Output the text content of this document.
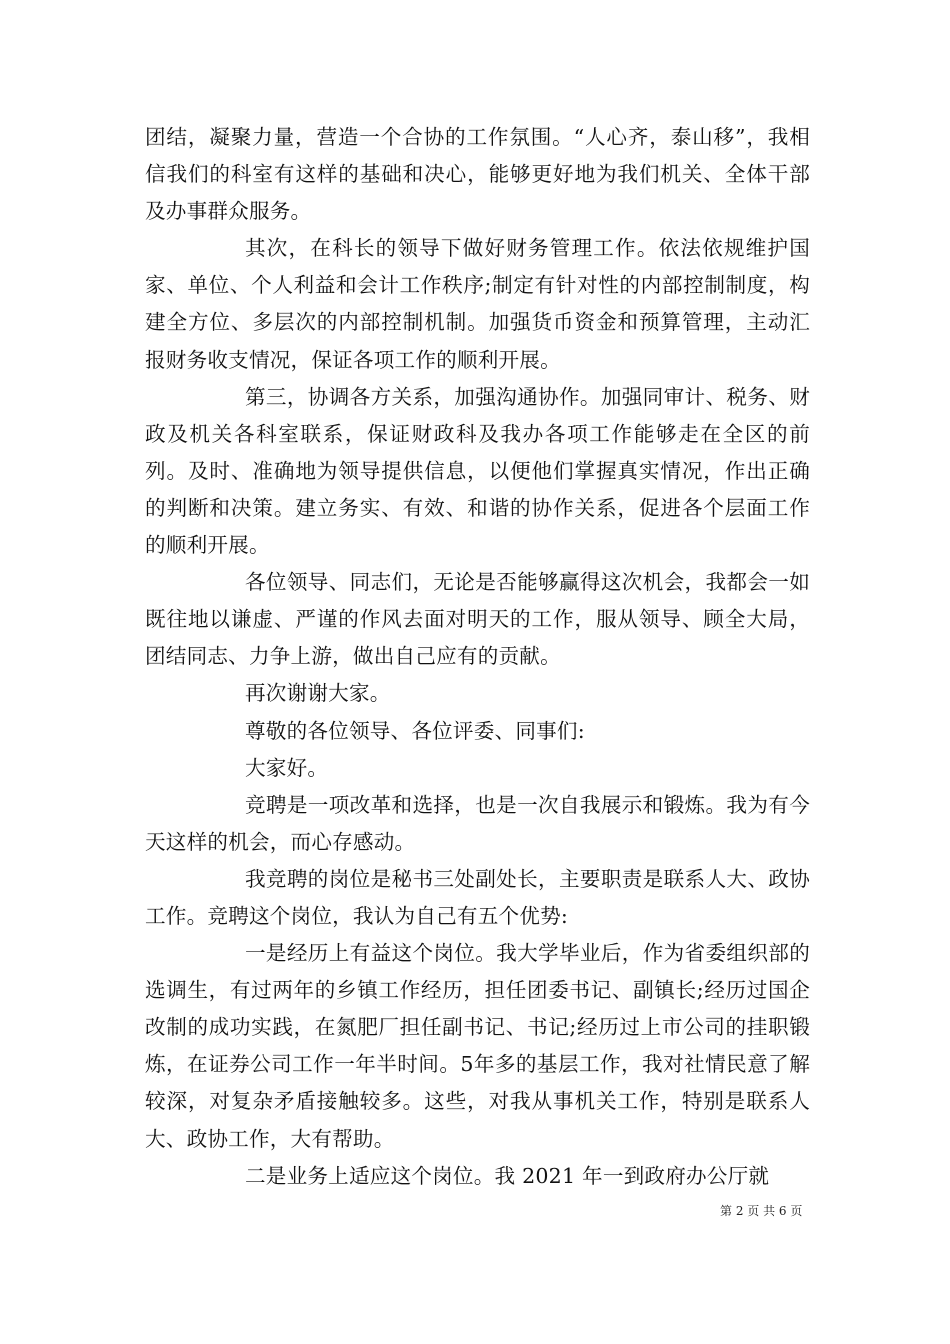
团结，凝聚力量，营造一个合协的工作氛围。“人心齐，泰山移”，我相信我们的科室有这样的基础和决心，能够更好地为我们机关、全体干部及办事群众服务。

其次，在科长的领导下做好财务管理工作。依法依规维护国家、单位、个人利益和会计工作秩序;制定有针对性的内部控制制度，构建全方位、多层次的内部控制机制。加强货币资金和预算管理，主动汇报财务收支情况，保证各项工作的顺利开展。

第三，协调各方关系，加强沟通协作。加强同审计、税务、财政及机关各科室联系，保证财政科及我办各项工作能够走在全区的前列。及时、准确地为领导提供信息，以便他们掌握真实情况，作出正确的判断和决策。建立务实、有效、和谐的协作关系，促进各个层面工作的顺利开展。

各位领导、同志们，无论是否能够赢得这次机会，我都会一如既往地以谦虚、严谨的作风去面对明天的工作，服从领导、顾全大局，团结同志、力争上游，做出自己应有的贡献。

再次谢谢大家。

尊敬的各位领导、各位评委、同事们:

大家好。

竞聘是一项改革和选择，也是一次自我展示和锻炼。我为有今天这样的机会，而心存感动。

我竞聘的岗位是秘书三处副处长，主要职责是联系人大、政协工作。竞聘这个岗位，我认为自己有五个优势:

一是经历上有益这个岗位。我大学毕业后，作为省委组织部的选调生，有过两年的乡镇工作经历，担任团委书记、副镇长;经历过国企改制的成功实践，在氮肥厂担任副书记、书记;经历过上市公司的挂职锻炼，在证券公司工作一年半时间。5年多的基层工作，我对社情民意了解较深，对复杂矛盾接触较多。这些，对我从事机关工作，特别是联系人大、政协工作，大有帮助。

二是业务上适应这个岗位。我 2021 年一到政府办公厅就

第 2 页 共 6 页
